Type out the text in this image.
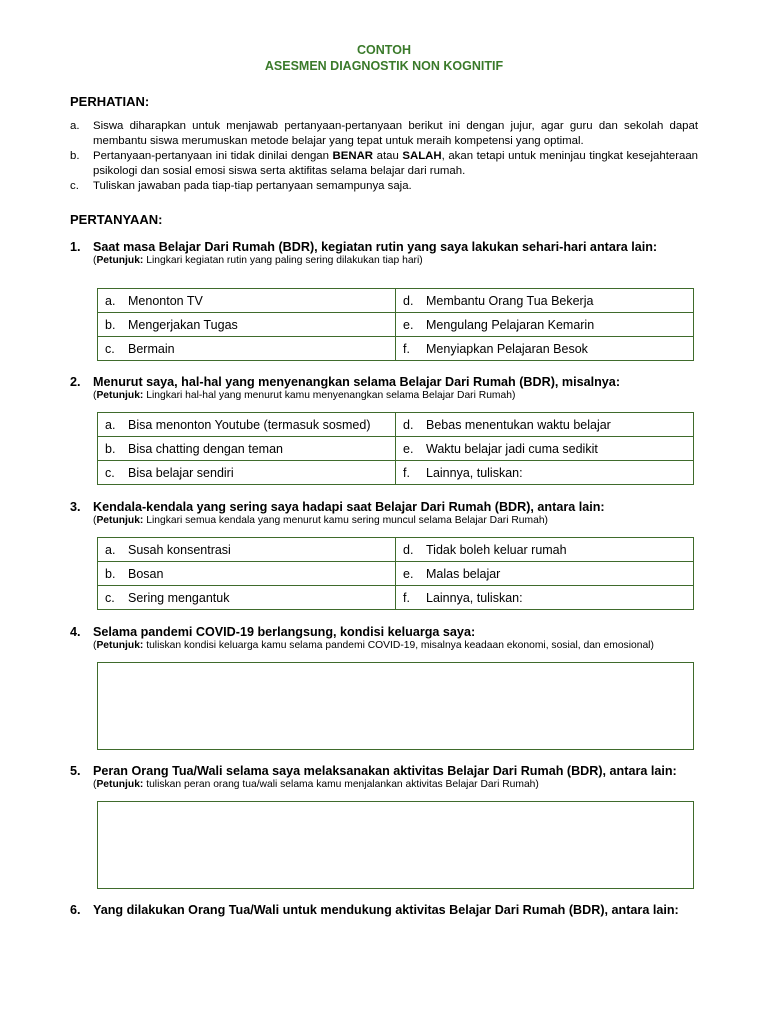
CONTOH
ASESMEN DIAGNOSTIK NON KOGNITIF
PERHATIAN:
a.	Siswa diharapkan untuk menjawab pertanyaan-pertanyaan berikut ini dengan jujur, agar guru dan sekolah dapat membantu siswa merumuskan metode belajar yang tepat untuk meraih kompetensi yang optimal.
b.	Pertanyaan-pertanyaan ini tidak dinilai dengan BENAR atau SALAH, akan tetapi untuk meninjau tingkat kesejahteraan psikologi dan sosial emosi siswa serta aktifitas selama belajar dari rumah.
c.	Tuliskan jawaban pada tiap-tiap pertanyaan semampunya saja.
PERTANYAAN:
1. Saat masa Belajar Dari Rumah (BDR), kegiatan rutin yang saya lakukan sehari-hari antara lain:
(Petunjuk: Lingkari kegiatan rutin yang paling sering dilakukan tiap hari)
a. Menonton TV	d. Membantu Orang Tua Bekerja
b. Mengerjakan Tugas	e. Mengulang Pelajaran Kemarin
c. Bermain	f. Menyiapkan Pelajaran Besok
2. Menurut saya, hal-hal yang menyenangkan selama Belajar Dari Rumah (BDR), misalnya:
(Petunjuk: Lingkari hal-hal yang menurut kamu menyenangkan selama Belajar Dari Rumah)
a. Bisa menonton Youtube (termasuk sosmed)	d. Bebas menentukan waktu belajar
b. Bisa chatting dengan teman	e. Waktu belajar jadi cuma sedikit
c. Bisa belajar sendiri	f. Lainnya, tuliskan:
3. Kendala-kendala yang sering saya hadapi saat Belajar Dari Rumah (BDR), antara lain:
(Petunjuk: Lingkari semua kendala yang menurut kamu sering muncul selama Belajar Dari Rumah)
a. Susah konsentrasi	d. Tidak boleh keluar rumah
b. Bosan	e. Malas belajar
c. Sering mengantuk	f. Lainnya, tuliskan:
4. Selama pandemi COVID-19 berlangsung, kondisi keluarga saya:
(Petunjuk: tuliskan kondisi keluarga kamu selama pandemi COVID-19, misalnya keadaan ekonomi, sosial, dan emosional)
5. Peran Orang Tua/Wali selama saya melaksanakan aktivitas Belajar Dari Rumah (BDR), antara lain:
(Petunjuk: tuliskan peran orang tua/wali selama kamu menjalankan aktivitas Belajar Dari Rumah)
6. Yang dilakukan Orang Tua/Wali untuk mendukung aktivitas Belajar Dari Rumah (BDR), antara lain:
